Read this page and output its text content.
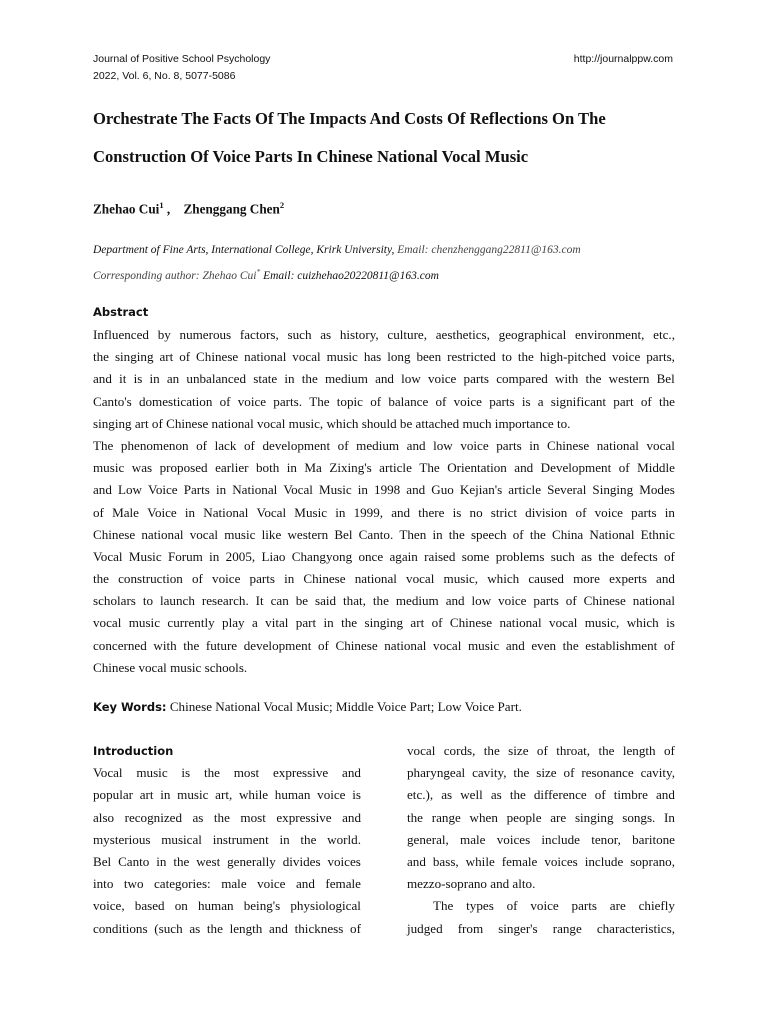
Journal of Positive School Psychology
2022, Vol. 6, No. 8, 5077-5086
http://journalppw.com
Orchestrate The Facts Of The Impacts And Costs Of Reflections On The
Construction Of Voice Parts In Chinese National Vocal Music
Zhehao Cui$^1$ , Zhenggang Chen$^2$
Department of Fine Arts, International College, Krirk University, Email: chenzhenggang22811@163.com
Corresponding author: Zhehao Cui* Email: cuizhehao20220811@163.com
Abstract
Influenced by numerous factors, such as history, culture, aesthetics, geographical environment, etc.,
the singing art of Chinese national vocal music has long been restricted to the high-pitched voice parts,
and it is in an unbalanced state in the medium and low voice parts compared with the western Bel
Canto's domestication of voice parts. The topic of balance of voice parts is a significant part of the
singing art of Chinese national vocal music, which should be attached much importance to.
The phenomenon of lack of development of medium and low voice parts in Chinese national vocal
music was proposed earlier both in Ma Zixing's article The Orientation and Development of Middle
and Low Voice Parts in National Vocal Music in 1998 and Guo Kejian's article Several Singing Modes
of Male Voice in National Vocal Music in 1999, and there is no strict division of voice parts in
Chinese national vocal music like western Bel Canto. Then in the speech of the China National Ethnic
Vocal Music Forum in 2005, Liao Changyong once again raised some problems such as the defects of
the construction of voice parts in Chinese national vocal music, which caused more experts and
scholars to launch research. It can be said that, the medium and low voice parts of Chinese national
vocal music currently play a vital part in the singing art of Chinese national vocal music, which is
concerned with the future development of Chinese national vocal music and even the establishment of
Chinese vocal music schools.
Key Words: Chinese National Vocal Music; Middle Voice Part; Low Voice Part.
Introduction
Vocal music is the most expressive and
popular art in music art, while human voice is
also recognized as the most expressive and
mysterious musical instrument in the world.
Bel Canto in the west generally divides voices
into two categories: male voice and female
voice, based on human being's physiological
conditions (such as the length and thickness of
vocal cords, the size of throat, the length of
pharyngeal cavity, the size of resonance cavity,
etc.), as well as the difference of timbre and
the range when people are singing songs. In
general, male voices include tenor, baritone
and bass, while female voices include soprano,
mezzo-soprano and alto.
The types of voice parts are chiefly
judged from singer's range characteristics,
